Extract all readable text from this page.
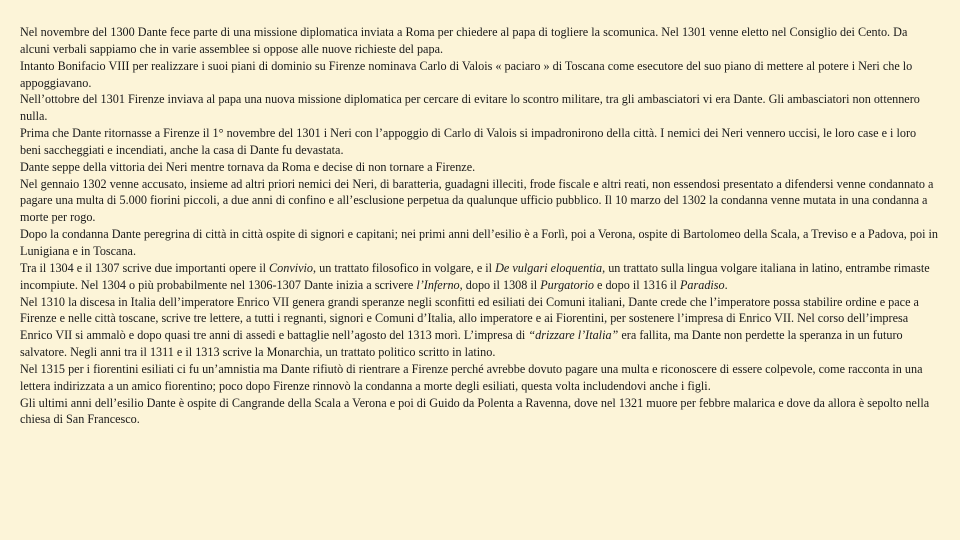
Nel novembre del 1300 Dante fece parte di una missione diplomatica inviata a Roma per chiedere al papa di togliere la scomunica. Nel 1301 venne eletto nel Consiglio dei Cento. Da alcuni verbali sappiamo che in varie assemblee si oppose alle nuove richieste del papa.

Intanto Bonifacio VIII per realizzare i suoi piani di dominio su Firenze nominava Carlo di Valois « paciaro » di Toscana come esecutore del suo piano di mettere al potere i Neri che lo appoggiavano.

Nell’ottobre del 1301 Firenze inviava al papa una nuova missione diplomatica per cercare di evitare lo scontro militare, tra gli ambasciatori vi era Dante. Gli ambasciatori non ottennero nulla.

Prima che Dante ritornasse a Firenze il 1° novembre del 1301 i Neri con l’appoggio di Carlo di Valois si impadronirono della città. I nemici dei Neri vennero uccisi, le loro case e i loro beni saccheggiati e incendiati, anche la casa di Dante fu devastata.

Dante seppe della vittoria dei Neri mentre tornava da Roma e decise di non tornare a Firenze.

Nel gennaio 1302 venne accusato, insieme ad altri priori nemici dei Neri, di baratteria, guadagni illeciti, frode fiscale e altri reati, non essendosi presentato a difendersi venne condannato a pagare una multa di 5.000 fiorini piccoli, a due anni di confino e all’esclusione perpetua da qualunque ufficio pubblico. Il 10 marzo del 1302 la condanna venne mutata in una condanna a morte per rogo.

Dopo la condanna Dante peregrina di città in città ospite di signori e capitani; nei primi anni dell’esilio è a Forlì, poi a Verona, ospite di Bartolomeo della Scala, a Treviso e a Padova, poi in Lunigiana e in Toscana.

Tra il 1304 e il 1307 scrive due importanti opere il Convivio, un trattato filosofico in volgare, e il De vulgari eloquentia, un trattato sulla lingua volgare italiana in latino, entrambe rimaste incompiute. Nel 1304 o più probabilmente nel 1306-1307 Dante inizia a scrivere l’Inferno, dopo il 1308 il Purgatorio e dopo il 1316 il Paradiso.

Nel 1310 la discesa in Italia dell’imperatore Enrico VII genera grandi speranze negli sconfitti ed esiliati dei Comuni italiani, Dante crede che l’imperatore possa stabilire ordine e pace a Firenze e nelle città toscane, scrive tre lettere, a tutti i regnanti, signori e Comuni d’Italia, allo imperatore e ai Fiorentini, per sostenere l’impresa di Enrico VII. Nel corso dell’impresa Enrico VII si ammalò e dopo quasi tre anni di assedi e battaglie nell’agosto del 1313 morì. L’impresa di “drizzare l’Italia” era fallita, ma Dante non perdette la speranza in un futuro salvatore. Negli anni tra il 1311 e il 1313 scrive la Monarchia, un trattato politico scritto in latino.

Nel 1315 per i fiorentini esiliati ci fu un’amnistia ma Dante rifiutò di rientrare a Firenze perché avrebbe dovuto pagare una multa e riconoscere di essere colpevole, come racconta in una lettera indirizzata a un amico fiorentino; poco dopo Firenze rinnovò la condanna a morte degli esiliati, questa volta includendovi anche i figli.

Gli ultimi anni dell’esilio Dante è ospite di Cangrande della Scala a Verona e poi di Guido da Polenta a Ravenna, dove nel 1321 muore per febbre malarica e dove da allora è sepolto nella chiesa di San Francesco.
